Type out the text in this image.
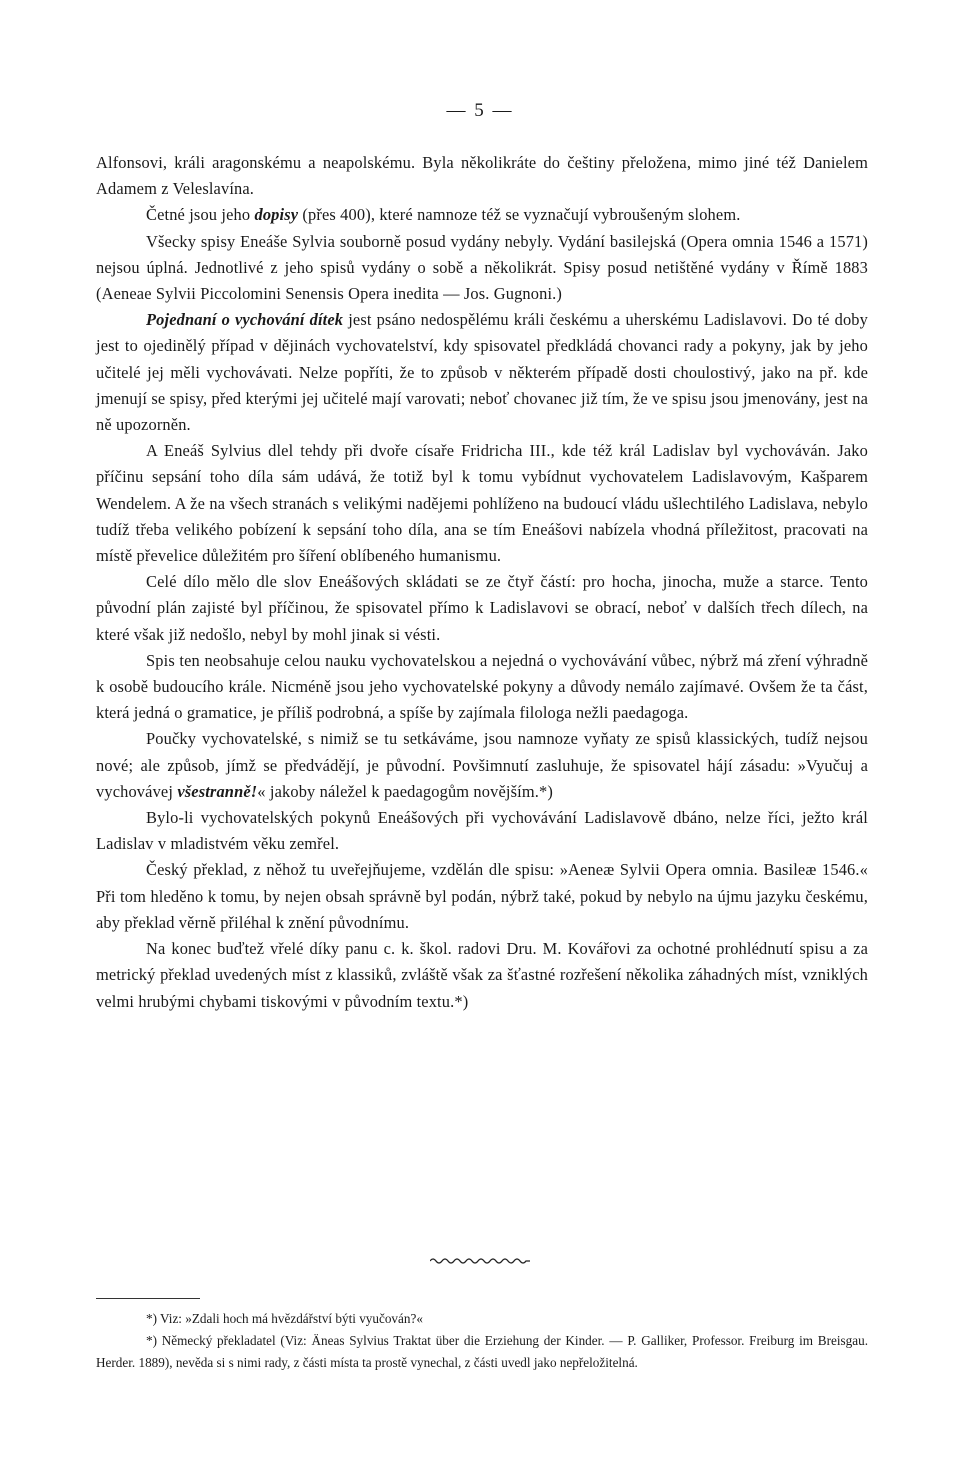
— 5 —

Alfonsovi, králi aragonskému a neapolskému. Byla několikráte do češtiny přeložena, mimo jiné též Danielem Adamem z Veleslavína.

Četné jsou jeho dopisy (přes 400), které namnoze též se vyznačují vybroušeným slohem.

Všecky spisy Eneáše Sylvia souborně posud vydány nebyly. Vydání basilejská (Opera omnia 1546 a 1571) nejsou úplná. Jednotlivé z jeho spisů vydány o sobě a několikrát. Spisy posud netištěné vydány v Římě 1883 (Aeneae Sylvii Piccolomini Senensis Opera inedita — Jos. Gugnoni.)

Pojednaní o vychování dítek jest psáno nedospělému králi českému a uherskému Ladislavovi. Do té doby jest to ojedinělý případ v dějinách vychovatelství, kdy spisovatel předkládá chovanci rady a pokyny, jak by jeho učitelé jej měli vychovávati. Nelze popříti, že to způsob v některém případě dosti choulostivý, jako na př. kde jmenují se spisy, před kterými jej učitelé mají varovati; neboť chovanec již tím, že ve spisu jsou jmenovány, jest na ně upozorněn.

A Eneáš Sylvius dlel tehdy při dvoře císaře Fridricha III., kde též král Ladislav byl vychováván. Jako příčinu sepsání toho díla sám udává, že totiž byl k tomu vybídnut vychovatelem Ladislavovým, Kašparem Wendelem. A že na všech stranách s velikými nadějemi pohlíženo na budoucí vládu ušlechtilého Ladislava, nebylo tudíž třeba velikého pobízení k sepsání toho díla, ana se tím Eneášovi nabízela vhodná příležitost, pracovati na místě převelice důležitém pro šíření oblíbeného humanismu.

Celé dílo mělo dle slov Eneášových skládati se ze čtyř částí: pro hocha, jinocha, muže a starce. Tento původní plán zajisté byl příčinou, že spisovatel přímo k Ladislavovi se obrací, neboť v dalších třech dílech, na které však již nedošlo, nebyl by mohl jinak si vésti.

Spis ten neobsahuje celou nauku vychovatelskou a nejedná o vychovávání vůbec, nýbrž má zření výhradně k osobě budoucího krále. Nicméně jsou jeho vychovatelské pokyny a důvody nemálo zajímavé. Ovšem že ta část, která jedná o gramatice, je příliš podrobná, a spíše by zajímala filologa nežli paedagoga.

Poučky vychovatelské, s nimiž se tu setkáváme, jsou namnoze vyňaty ze spisů klassických, tudíž nejsou nové; ale způsob, jímž se předvádějí, je původní. Povšimnutí zasluhuje, že spisovatel hájí zásadu: »Vyučuj a vychovávej všestranně!« jakoby náležel k paedagogům novějším.*)

Bylo-li vychovatelských pokynů Eneášových při vychovávání Ladislavově dbáno, nelze říci, ježto král Ladislav v mladistvém věku zemřel.

Český překlad, z něhož tu uveřejňujeme, vzdělán dle spisu: »Aeneæ Sylvii Opera omnia. Basileæ 1546.« Při tom hleděno k tomu, by nejen obsah správně byl podán, nýbrž také, pokud by nebylo na újmu jazyku českému, aby překlad věrně přiléhal k znění původnímu.

Na konec buďtež vřelé díky panu c. k. škol. radovi Dru. M. Kovářovi za ochotné prohlédnutí spisu a za metrický překlad uvedených míst z klassiků, zvláště však za šťastné rozřešení několika záhadných míst, vzniklých velmi hrubými chybami tiskovými v původním textu.*)

*) Viz: »Zdali hoch má hvězdářství býti vyučován?«

*) Německý překladatel (Viz: Äneas Sylvius Traktat über die Erziehung der Kinder. — P. Galliker, Professor. Freiburg im Breisgau. Herder. 1889), nevěda si s nimi rady, z části místa ta prostě vynechal, z části uvedl jako nepřeložitelná.
